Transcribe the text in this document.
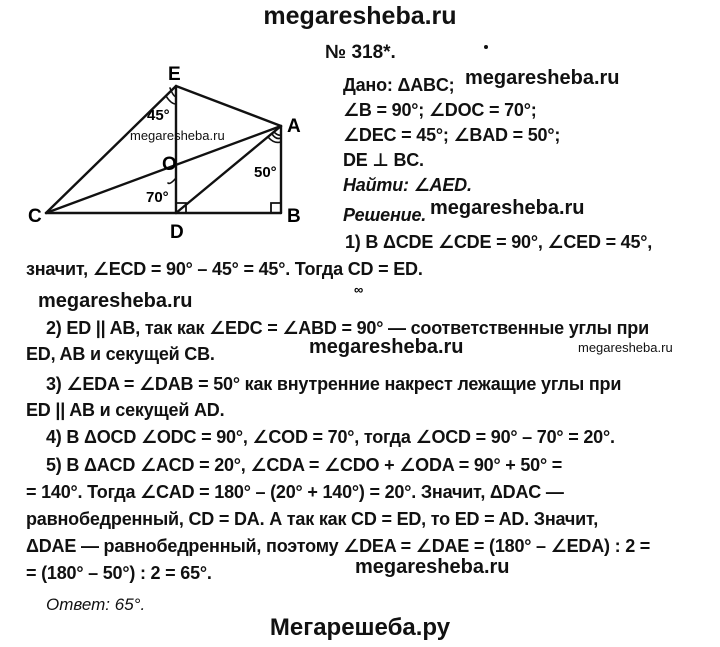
megaresheba.ru
E
A
O
C
D
B
45°
70°
50°
∞
megaresheba.ru
№ 318*.
Дано: ΔABC; megaresheba.ru
∠B = 90°; ∠DOC = 70°;
∠DEC = 45°; ∠BAD = 50°;
DE ⊥ BC.
Найти: ∠AED.
Решение. megaresheba.ru
1) В ΔCDE ∠CDE = 90°, ∠CED = 45°,
значит, ∠ECD = 90° – 45° = 45°. Тогда CD = ED.
megaresheba.ru
2) ED || AB, так как ∠EDC = ∠ABD = 90° — соответственные углы при
ED, AB и секущей CB.	megaresheba.ru	megaresheba.ru
3) ∠EDA = ∠DAB = 50° как внутренние накрест лежащие углы при
ED || AB и секущей AD.
4) В ΔOCD ∠ODC = 90°, ∠COD = 70°, тогда ∠OCD = 90° – 70° = 20°.
5) В ΔACD ∠ACD = 20°, ∠CDA = ∠CDO + ∠ODA = 90° + 50° =
= 140°. Тогда ∠CAD = 180° – (20° + 140°) = 20°. Значит, ΔDAC —
равнобедренный, CD = DA. А так как CD = ED, то ED = AD. Значит,
ΔDAE — равнобедренный, поэтому ∠DEA = ∠DAE = (180° – ∠EDA) : 2 =
= (180° – 50°) : 2 = 65°.	megaresheba.ru
Ответ: 65°.
Мегарешеба.ру
